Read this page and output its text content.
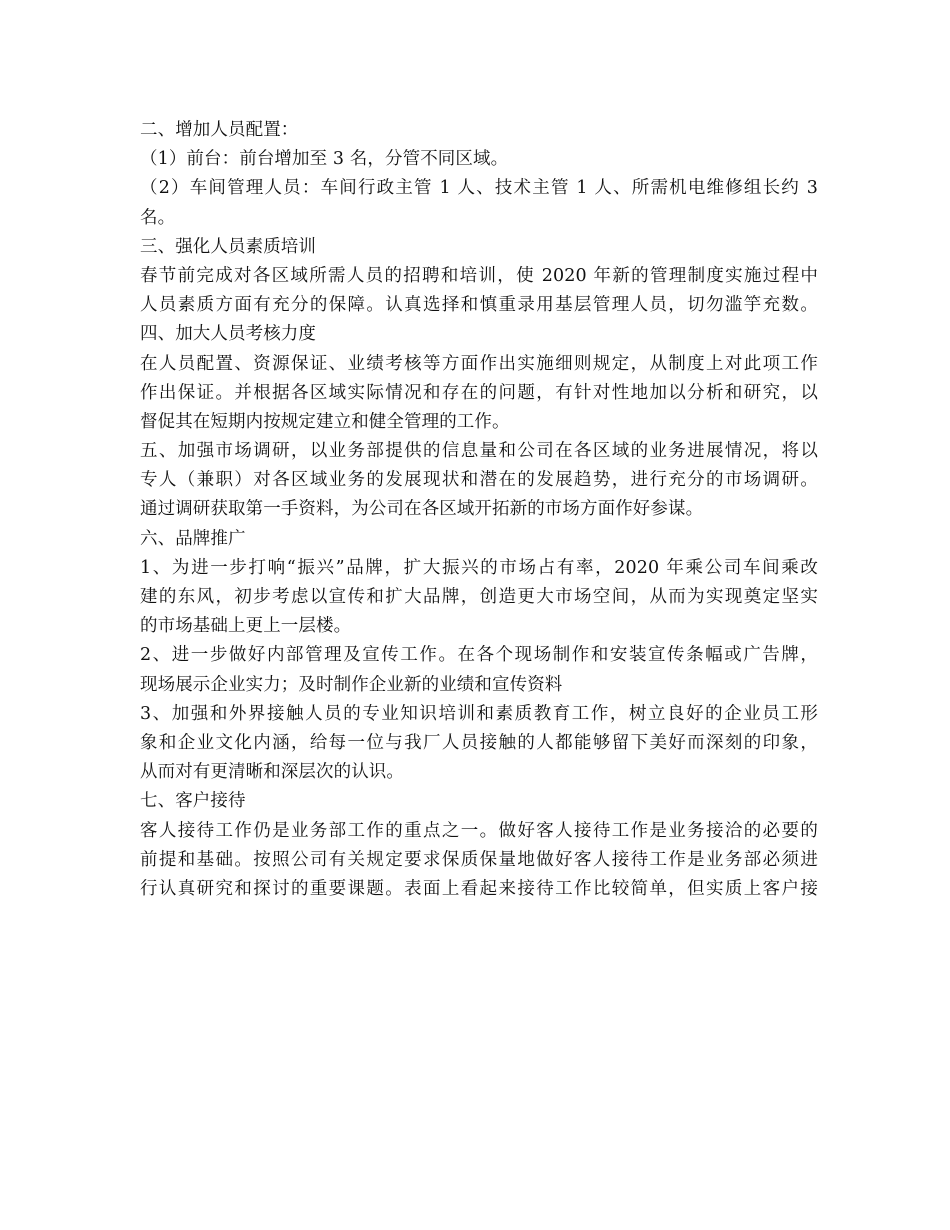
二、增加人员配置：

（1）前台：前台增加至 3 名，分管不同区域。

（2）车间管理人员：车间行政主管 1 人、技术主管 1 人、所需机电维修组长约 3

名。

三、强化人员素质培训

春节前完成对各区域所需人员的招聘和培训，使 2020 年新的管理制度实施过程中

人员素质方面有充分的保障。认真选择和慎重录用基层管理人员，切勿滥竽充数。

四、加大人员考核力度

在人员配置、资源保证、业绩考核等方面作出实施细则规定，从制度上对此项工作

作出保证。并根据各区域实际情况和存在的问题，有针对性地加以分析和研究，以

督促其在短期内按规定建立和健全管理的工作。

五、加强市场调研，以业务部提供的信息量和公司在各区域的业务进展情况，将以

专人（兼职）对各区域业务的发展现状和潜在的发展趋势，进行充分的市场调研。

通过调研获取第一手资料，为公司在各区域开拓新的市场方面作好参谋。

六、品牌推广

1、为进一步打响“振兴”品牌，扩大振兴的市场占有率，2020 年乘公司车间乘改

建的东风，初步考虑以宣传和扩大品牌，创造更大市场空间，从而为实现奠定坚实

的市场基础上更上一层楼。

2、进一步做好内部管理及宣传工作。在各个现场制作和安装宣传条幅或广告牌，

现场展示企业实力；及时制作企业新的业绩和宣传资料

3、加强和外界接触人员的专业知识培训和素质教育工作，树立良好的企业员工形

象和企业文化内涵，给每一位与我厂人员接触的人都能够留下美好而深刻的印象，

从而对有更清晰和深层次的认识。

七、客户接待

客人接待工作仍是业务部工作的重点之一。做好客人接待工作是业务接洽的必要的

前提和基础。按照公司有关规定要求保质保量地做好客人接待工作是业务部必须进

行认真研究和探讨的重要课题。表面上看起来接待工作比较简单，但实质上客户接
